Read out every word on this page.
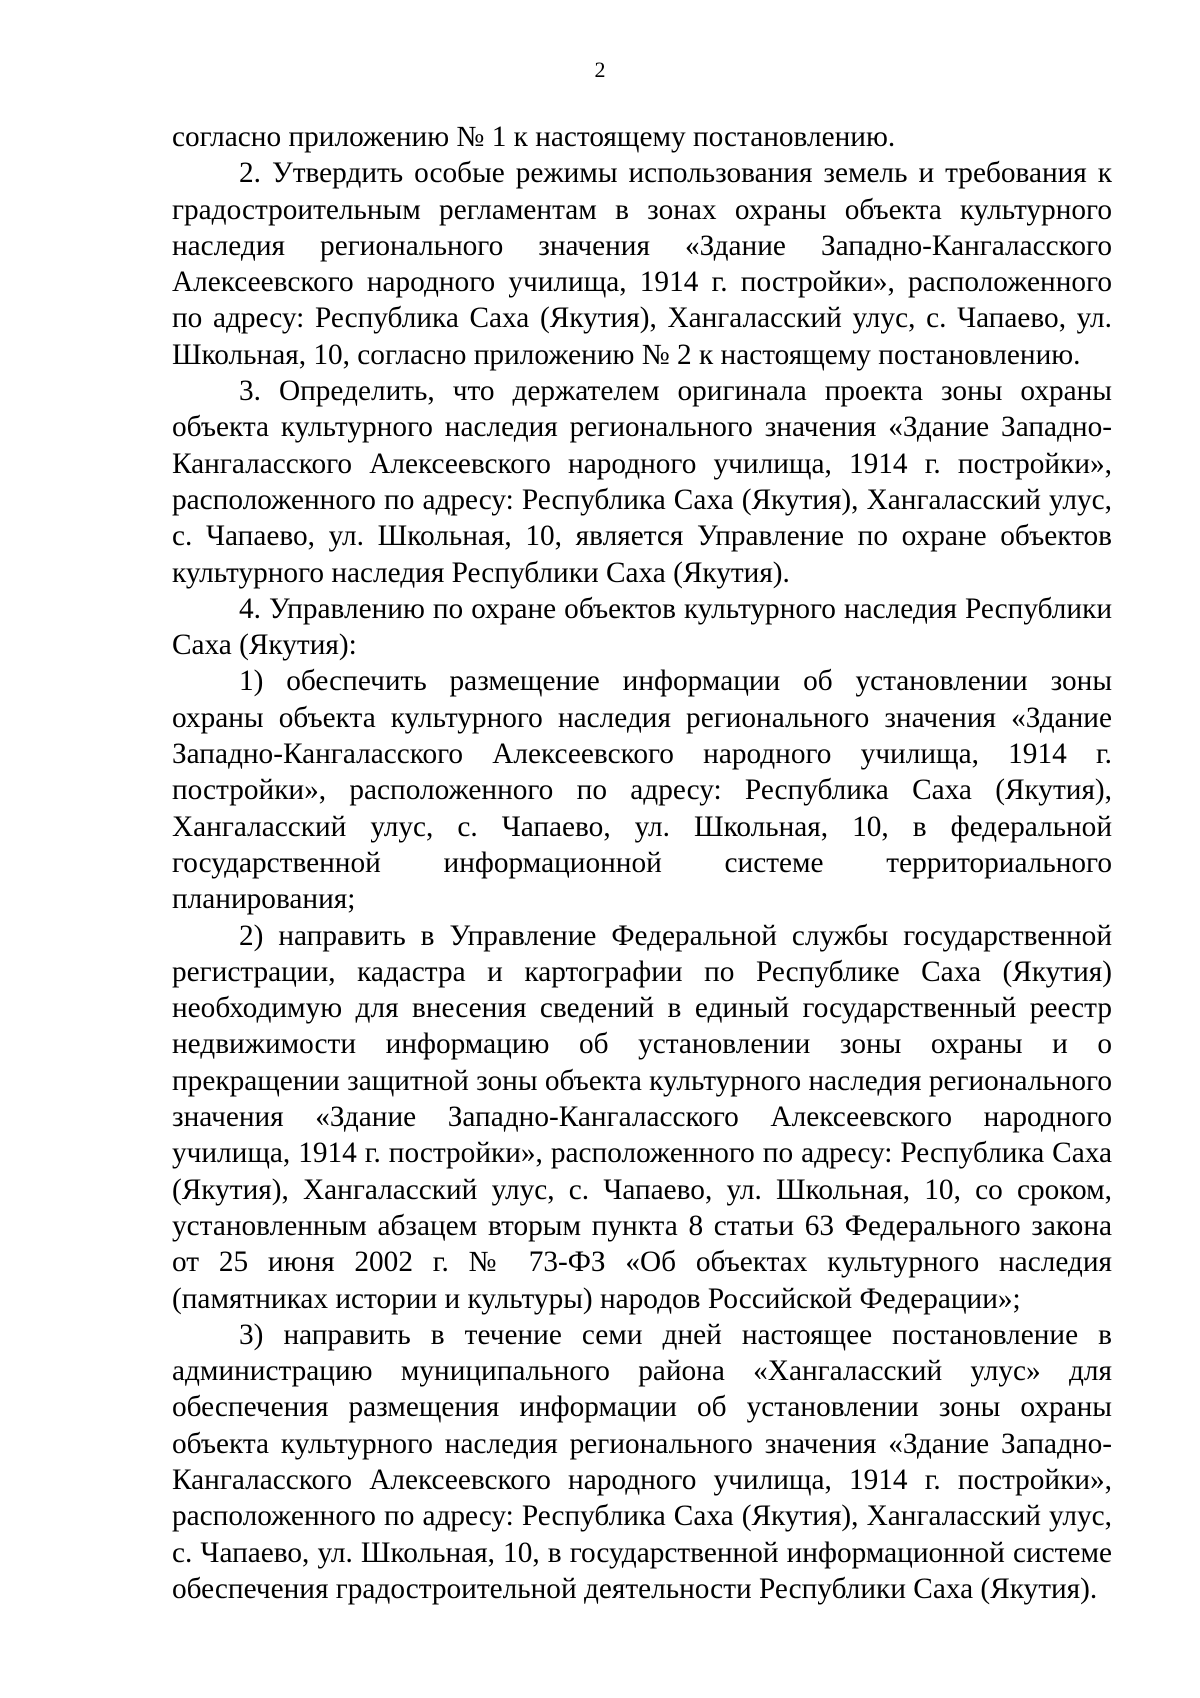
2

согласно приложению № 1 к настоящему постановлению.

2. Утвердить особые режимы использования земель и требования к градостроительным регламентам в зонах охраны объекта культурного наследия регионального значения «Здание Западно-Кангаласского Алексеевского народного училища, 1914 г. постройки», расположенного по адресу: Республика Саха (Якутия), Хангаласский улус, с. Чапаево, ул. Школьная, 10, согласно приложению № 2 к настоящему постановлению.

3. Определить, что держателем оригинала проекта зоны охраны объекта культурного наследия регионального значения «Здание Западно-Кангаласского Алексеевского народного училища, 1914 г. постройки», расположенного по адресу: Республика Саха (Якутия), Хангаласский улус, с. Чапаево, ул. Школьная, 10, является Управление по охране объектов культурного наследия Республики Саха (Якутия).

4. Управлению по охране объектов культурного наследия Республики Саха (Якутия):

1) обеспечить размещение информации об установлении зоны охраны объекта культурного наследия регионального значения «Здание Западно-Кангаласского Алексеевского народного училища, 1914 г. постройки», расположенного по адресу: Республика Саха (Якутия), Хангаласский улус, с. Чапаево, ул. Школьная, 10, в федеральной государственной информационной системе территориального планирования;

2) направить в Управление Федеральной службы государственной регистрации, кадастра и картографии по Республике Саха (Якутия) необходимую для внесения сведений в единый государственный реестр недвижимости информацию об установлении зоны охраны и о прекращении защитной зоны объекта культурного наследия регионального значения «Здание Западно-Кангаласского Алексеевского народного училища, 1914 г. постройки», расположенного по адресу: Республика Саха (Якутия), Хангаласский улус, с. Чапаево, ул. Школьная, 10, со сроком, установленным абзацем вторым пункта 8 статьи 63 Федерального закона от 25 июня 2002 г. № 73-ФЗ «Об объектах культурного наследия (памятниках истории и культуры) народов Российской Федерации»;

3) направить в течение семи дней настоящее постановление в администрацию муниципального района «Хангаласский улус» для обеспечения размещения информации об установлении зоны охраны объекта культурного наследия регионального значения «Здание Западно-Кангаласского Алексеевского народного училища, 1914 г. постройки», расположенного по адресу: Республика Саха (Якутия), Хангаласский улус, с. Чапаево, ул. Школьная, 10, в государственной информационной системе обеспечения градостроительной деятельности Республики Саха (Якутия).
